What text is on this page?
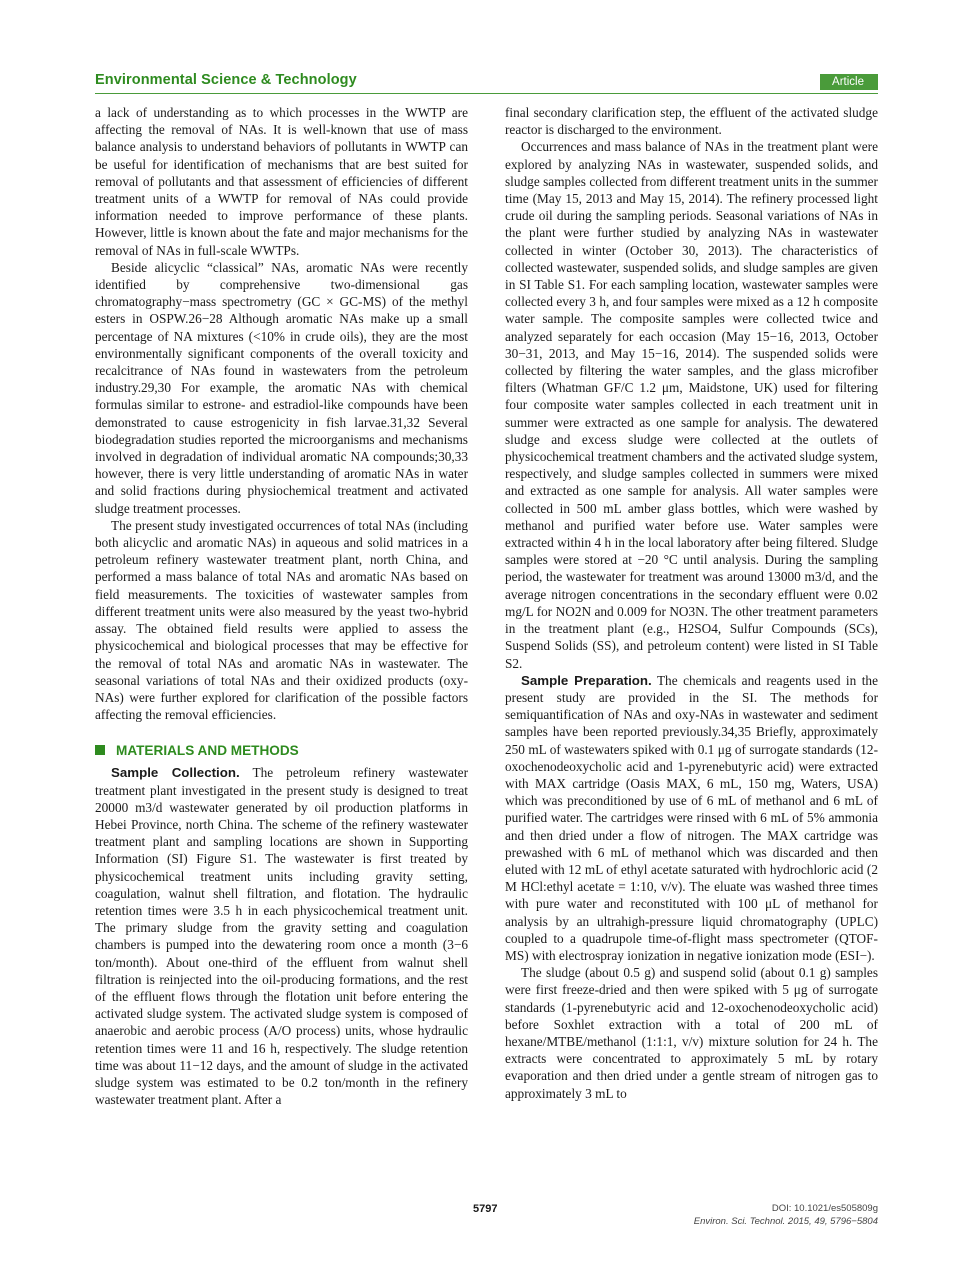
Environmental Science & Technology	Article

a lack of understanding as to which processes in the WWTP are affecting the removal of NAs. It is well-known that use of mass balance analysis to understand behaviors of pollutants in WWTP can be useful for identification of mechanisms that are best suited for removal of pollutants and that assessment of efficiencies of different treatment units of a WWTP for removal of NAs could provide information needed to improve performance of these plants. However, little is known about the fate and major mechanisms for the removal of NAs in full-scale WWTPs.

Beside alicyclic “classical” NAs, aromatic NAs were recently identified by comprehensive two-dimensional gas chromatography−mass spectrometry (GC × GC-MS) of the methyl esters in OSPW.26−28 Although aromatic NAs make up a small percentage of NA mixtures (<10% in crude oils), they are the most environmentally significant components of the overall toxicity and recalcitrance of NAs found in wastewaters from the petroleum industry.29,30 For example, the aromatic NAs with chemical formulas similar to estrone- and estradiol-like compounds have been demonstrated to cause estrogenicity in fish larvae.31,32 Several biodegradation studies reported the microorganisms and mechanisms involved in degradation of individual aromatic NA compounds;30,33 however, there is very little understanding of aromatic NAs in water and solid fractions during physiochemical treatment and activated sludge treatment processes.

The present study investigated occurrences of total NAs (including both alicyclic and aromatic NAs) in aqueous and solid matrices in a petroleum refinery wastewater treatment plant, north China, and performed a mass balance of total NAs and aromatic NAs based on field measurements. The toxicities of wastewater samples from different treatment units were also measured by the yeast two-hybrid assay. The obtained field results were applied to assess the physicochemical and biological processes that may be effective for the removal of total NAs and aromatic NAs in wastewater. The seasonal variations of total NAs and their oxidized products (oxy-NAs) were further explored for clarification of the possible factors affecting the removal efficiencies.

MATERIALS AND METHODS

Sample Collection. The petroleum refinery wastewater treatment plant investigated in the present study is designed to treat 20000 m3/d wastewater generated by oil production platforms in Hebei Province, north China. The scheme of the refinery wastewater treatment plant and sampling locations are shown in Supporting Information (SI) Figure S1. The wastewater is first treated by physicochemical treatment units including gravity setting, coagulation, walnut shell filtration, and flotation. The hydraulic retention times were 3.5 h in each physicochemical treatment unit. The primary sludge from the gravity setting and coagulation chambers is pumped into the dewatering room once a month (3−6 ton/month). About one-third of the effluent from walnut shell filtration is reinjected into the oil-producing formations, and the rest of the effluent flows through the flotation unit before entering the activated sludge system. The activated sludge system is composed of anaerobic and aerobic process (A/O process) units, whose hydraulic retention times were 11 and 16 h, respectively. The sludge retention time was about 11−12 days, and the amount of sludge in the activated sludge system was estimated to be 0.2 ton/month in the refinery wastewater treatment plant. After a

final secondary clarification step, the effluent of the activated sludge reactor is discharged to the environment.

Occurrences and mass balance of NAs in the treatment plant were explored by analyzing NAs in wastewater, suspended solids, and sludge samples collected from different treatment units in the summer time (May 15, 2013 and May 15, 2014). The refinery processed light crude oil during the sampling periods. Seasonal variations of NAs in the plant were further studied by analyzing NAs in wastewater collected in winter (October 30, 2013). The characteristics of collected wastewater, suspended solids, and sludge samples are given in SI Table S1. For each sampling location, wastewater samples were collected every 3 h, and four samples were mixed as a 12 h composite water sample. The composite samples were collected twice and analyzed separately for each occasion (May 15−16, 2013, October 30−31, 2013, and May 15−16, 2014). The suspended solids were collected by filtering the water samples, and the glass microfiber filters (Whatman GF/C 1.2 μm, Maidstone, UK) used for filtering four composite water samples collected in each treatment unit in summer were extracted as one sample for analysis. The dewatered sludge and excess sludge were collected at the outlets of physicochemical treatment chambers and the activated sludge system, respectively, and sludge samples collected in summers were mixed and extracted as one sample for analysis. All water samples were collected in 500 mL amber glass bottles, which were washed by methanol and purified water before use. Water samples were extracted within 4 h in the local laboratory after being filtered. Sludge samples were stored at −20 °C until analysis. During the sampling period, the wastewater for treatment was around 13000 m3/d, and the average nitrogen concentrations in the secondary effluent were 0.02 mg/L for NO2N and 0.009 for NO3N. The other treatment parameters in the treatment plant (e.g., H2SO4, Sulfur Compounds (SCs), Suspend Solids (SS), and petroleum content) were listed in SI Table S2.

Sample Preparation. The chemicals and reagents used in the present study are provided in the SI. The methods for semiquantification of NAs and oxy-NAs in wastewater and sediment samples have been reported previously.34,35 Briefly, approximately 250 mL of wastewaters spiked with 0.1 μg of surrogate standards (12-oxochenodeoxycholic acid and 1-pyrenebutyric acid) were extracted with MAX cartridge (Oasis MAX, 6 mL, 150 mg, Waters, USA) which was preconditioned by use of 6 mL of methanol and 6 mL of purified water. The cartridges were rinsed with 6 mL of 5% ammonia and then dried under a flow of nitrogen. The MAX cartridge was prewashed with 6 mL of methanol which was discarded and then eluted with 12 mL of ethyl acetate saturated with hydrochloric acid (2 M HCl:ethyl acetate = 1:10, v/v). The eluate was washed three times with pure water and reconstituted with 100 μL of methanol for analysis by an ultrahigh-pressure liquid chromatography (UPLC) coupled to a quadrupole time-of-flight mass spectrometer (QTOF-MS) with electrospray ionization in negative ionization mode (ESI−).

The sludge (about 0.5 g) and suspend solid (about 0.1 g) samples were first freeze-dried and then were spiked with 5 μg of surrogate standards (1-pyrenebutyric acid and 12-oxochenodeoxycholic acid) before Soxhlet extraction with a total of 200 mL of hexane/MTBE/methanol (1:1:1, v/v) mixture solution for 24 h. The extracts were concentrated to approximately 5 mL by rotary evaporation and then dried under a gentle stream of nitrogen gas to approximately 3 mL to

5797	DOI: 10.1021/es505809g
Environ. Sci. Technol. 2015, 49, 5796−5804
